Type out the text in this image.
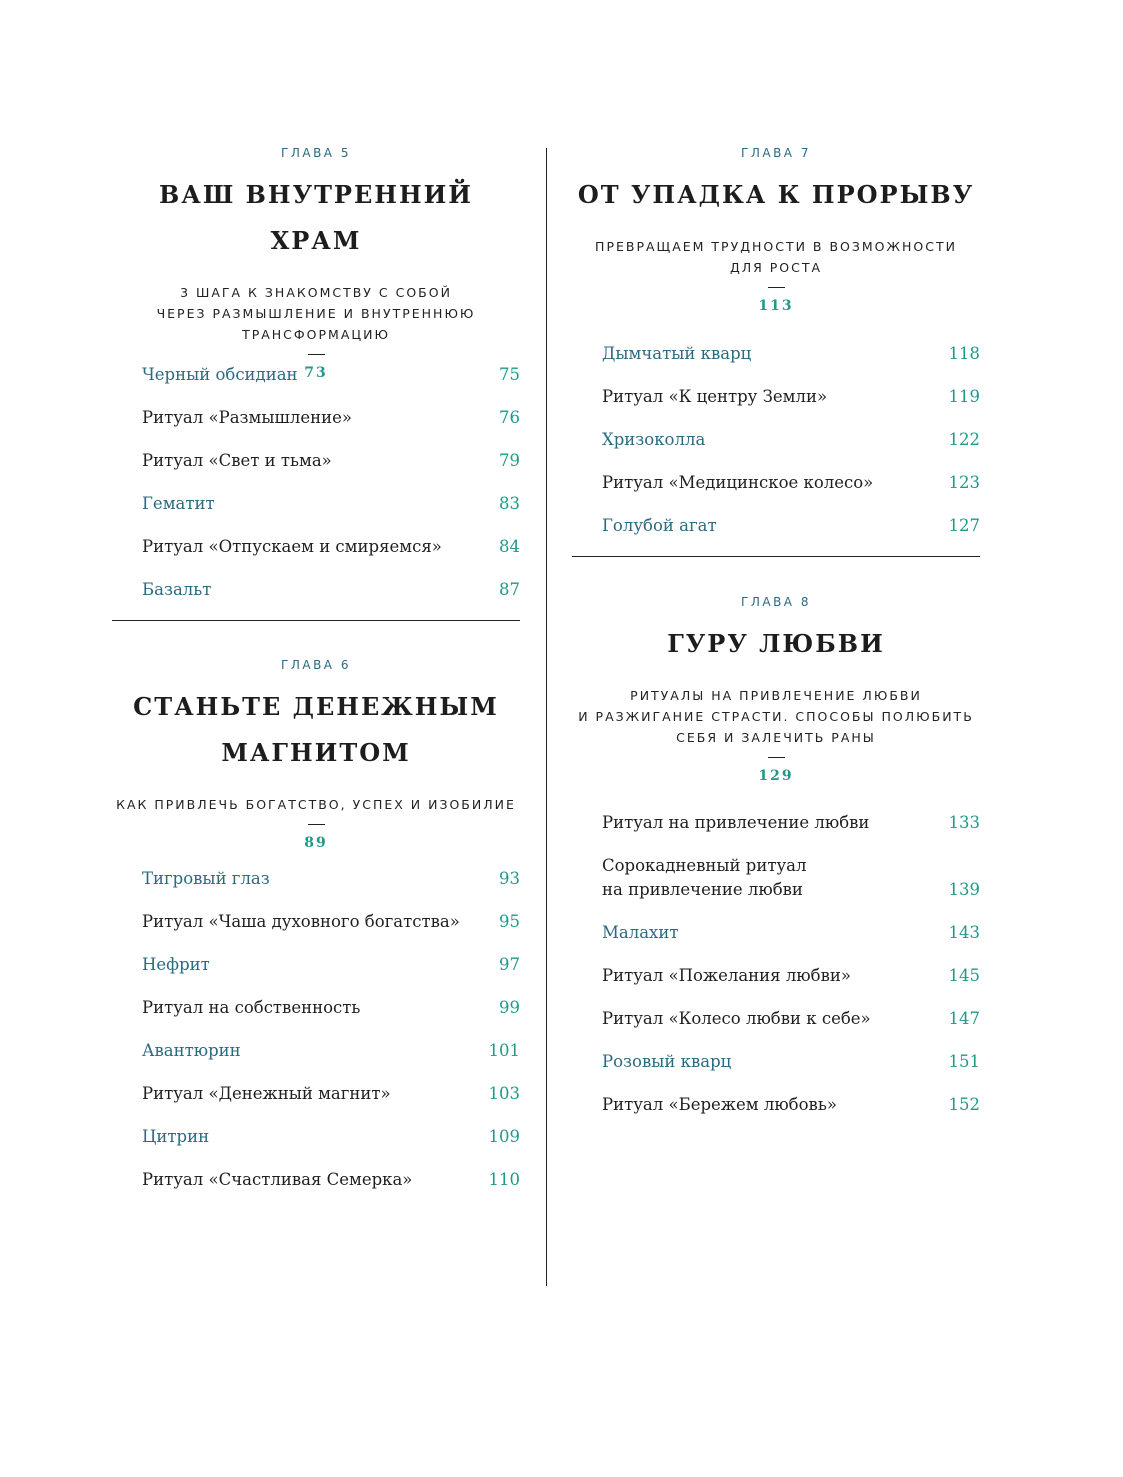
ГЛАВА 5
ВАШ ВНУТРЕННИЙ ХРАМ
3 ШАГА К ЗНАКОМСТВУ С СОБОЙ
ЧЕРЕЗ РАЗМЫШЛЕНИЕ И ВНУТРЕННЮЮ
ТРАНСФОРМАЦИЮ
73
Черный обсидиан	75
Ритуал «Размышление»	76
Ритуал «Свет и тьма»	79
Гематит	83
Ритуал «Отпускаем и смиряемся»	84
Базальт	87
ГЛАВА 6
СТАНЬТЕ ДЕНЕЖНЫМ
МАГНИТОМ
КАК ПРИВЛЕЧЬ БОГАТСТВО, УСПЕХ И ИЗОБИЛИЕ
89
Тигровый глаз	93
Ритуал «Чаша духовного богатства» 95
Нефрит	97
Ритуал на собственность	99
Авантюрин	101
Ритуал «Денежный магнит»	103
Цитрин	109
Ритуал «Счастливая Семерка»	110
ГЛАВА 7
ОТ УПАДКА К ПРОРЫВУ
ПРЕВРАЩАЕМ ТРУДНОСТИ В ВОЗМОЖНОСТИ
ДЛЯ РОСТА
113
Дымчатый кварц	118
Ритуал «К центру Земли»	119
Хризоколла	122
Ритуал «Медицинское колесо»	123
Голубой агат	127
ГЛАВА 8
ГУРУ ЛЮБВИ
РИТУАЛЫ НА ПРИВЛЕЧЕНИЕ ЛЮБВИ
И РАЗЖИГАНИЕ СТРАСТИ. СПОСОБЫ ПОЛЮБИТЬ
СЕБЯ И ЗАЛЕЧИТЬ РАНЫ
129
Ритуал на привлечение любви	133
Сорокадневный ритуал
на привлечение любви	139
Малахит	143
Ритуал «Пожелания любви»	145
Ритуал «Колесо любви к себе»	147
Розовый кварц	151
Ритуал «Бережем любовь»	152
